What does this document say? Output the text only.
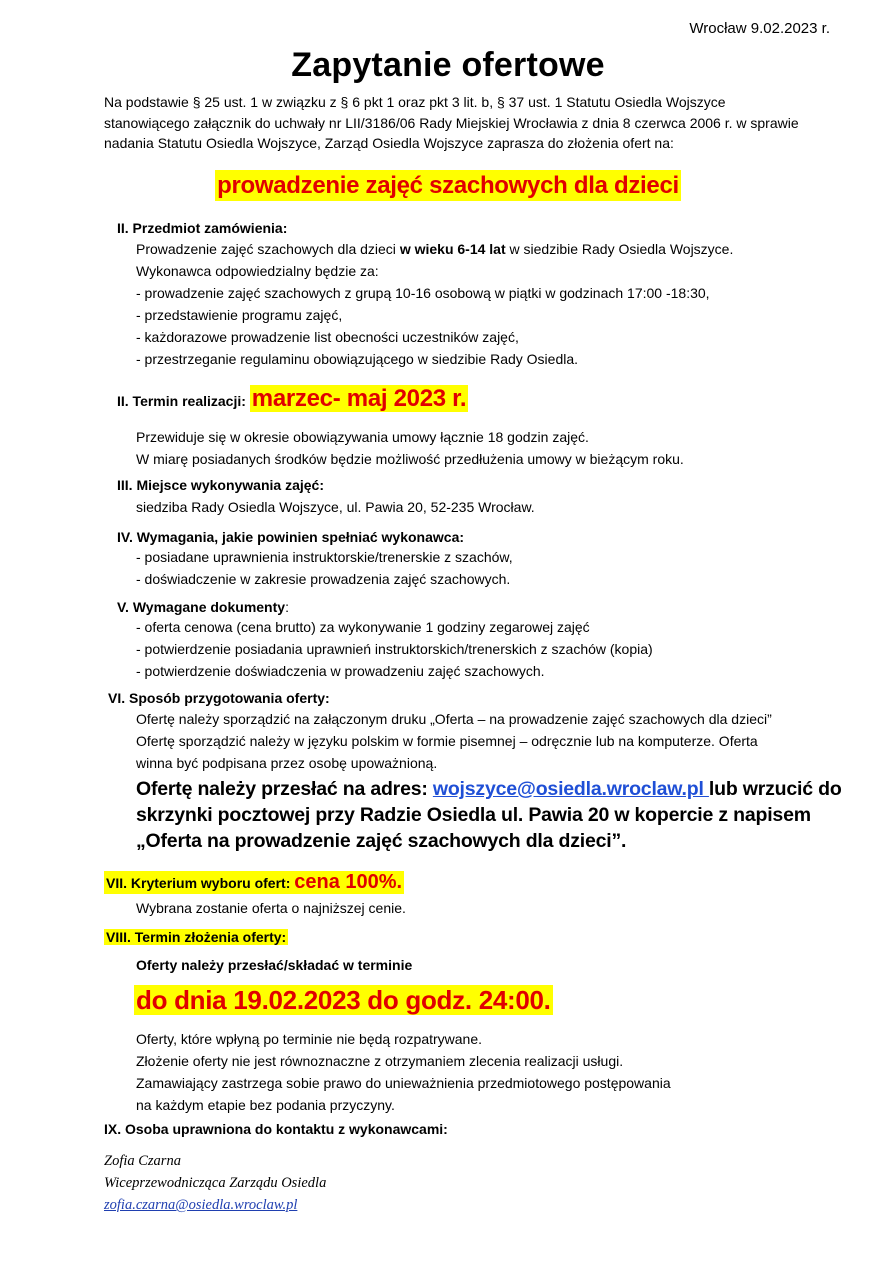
Wrocław 9.02.2023 r.
Zapytanie ofertowe
Na podstawie § 25 ust. 1 w związku z § 6 pkt 1 oraz pkt 3 lit. b, § 37 ust. 1 Statutu Osiedla Wojszyce stanowiącego załącznik do uchwały nr LII/3186/06 Rady Miejskiej Wrocławia z dnia 8 czerwca 2006 r. w sprawie nadania Statutu Osiedla Wojszyce, Zarząd Osiedla Wojszyce zaprasza do złożenia ofert na:
prowadzenie zajęć szachowych dla dzieci
II. Przedmiot zamówienia:
Prowadzenie zajęć szachowych dla dzieci w wieku 6-14 lat w siedzibie Rady Osiedla Wojszyce.
Wykonawca odpowiedzialny będzie za:
- prowadzenie zajęć szachowych z grupą 10-16 osobową w piątki w godzinach 17:00 -18:30,
- przedstawienie programu zajęć,
- każdorazowe prowadzenie list obecności uczestników zajęć,
- przestrzeganie regulaminu obowiązującego w siedzibie Rady Osiedla.
II. Termin realizacji: marzec- maj 2023 r.
Przewiduje się w okresie obowiązywania umowy łącznie 18 godzin zajęć.
W miarę posiadanych środków będzie możliwość przedłużenia umowy w bieżącym roku.
III. Miejsce wykonywania zajęć:
siedziba Rady Osiedla Wojszyce, ul. Pawia 20, 52-235 Wrocław.
IV. Wymagania, jakie powinien spełniać wykonawca:
- posiadane uprawnienia instruktorskie/trenerskie z szachów,
- doświadczenie w zakresie prowadzenia zajęć szachowych.
V. Wymagane dokumenty:
- oferta cenowa (cena brutto) za wykonywanie 1 godziny zegarowej zajęć
- potwierdzenie posiadania uprawnień instruktorskich/trenerskich z szachów (kopia)
- potwierdzenie doświadczenia w prowadzeniu zajęć szachowych.
VI. Sposób przygotowania oferty:
Ofertę należy sporządzić na załączonym druku „Oferta – na prowadzenie zajęć szachowych dla dzieci”
Ofertę sporządzić należy w języku polskim w formie pisemnej – odręcznie lub na komputerze. Oferta
winna być podpisana przez osobę upoważnioną.
Ofertę należy przesłać na adres: wojszyce@osiedla.wroclaw.pl lub wrzucić do skrzynki pocztowej przy Radzie Osiedla ul. Pawia 20 w kopercie z napisem „Oferta na prowadzenie zajęć szachowych dla dzieci”.
VII. Kryterium wyboru ofert: cena 100%.
Wybrana zostanie oferta o najniższej cenie.
VIII. Termin złożenia oferty:
Oferty należy przesłać/składać w terminie
do dnia 19.02.2023 do godz. 24:00.
Oferty, które wpłyną po terminie nie będą rozpatrywane.
Złożenie oferty nie jest równoznaczne z otrzymaniem zlecenia realizacji usługi.
Zamawiający zastrzega sobie prawo do unieważnienia przedmiotowego postępowania
na każdym etapie bez podania przyczyny.
IX. Osoba uprawniona do kontaktu z wykonawcami:
Zofia Czarna
Wiceprzewodnicząca Zarządu Osiedla
zofia.czarna@osiedla.wroclaw.pl
